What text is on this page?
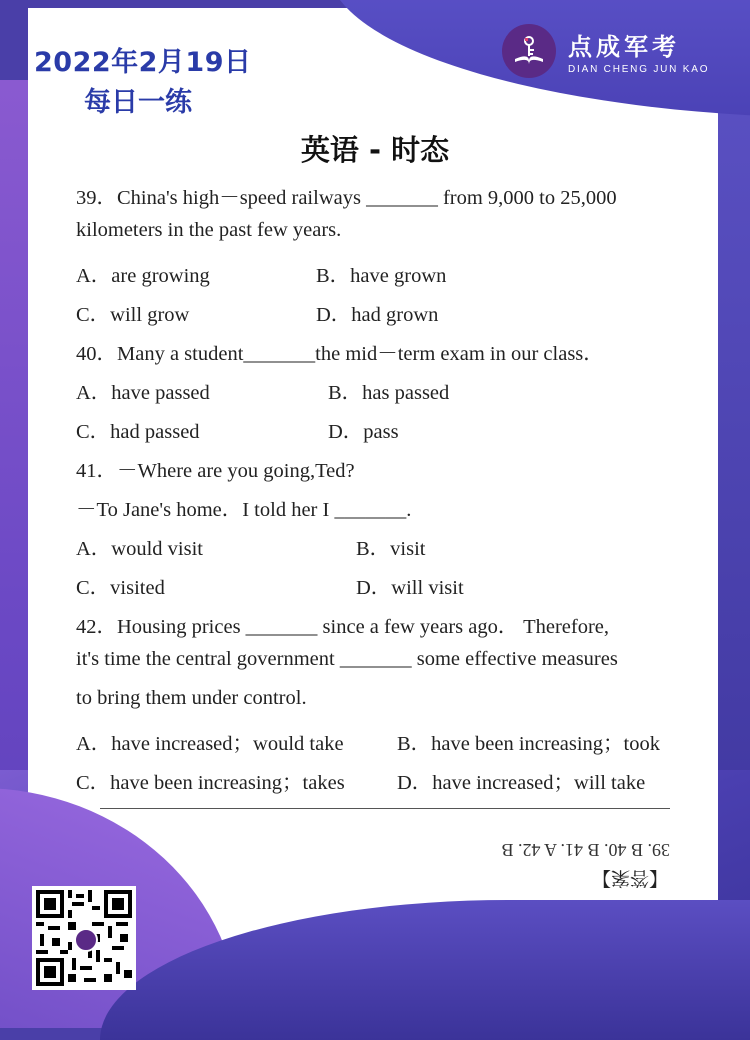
2022年2月19日
每日一练
点成军考
DIAN CHENG JUN KAO
英语 - 时态
39．China's high－speed railways _______ from 9,000 to 25,000
kilometers in the past few years.
A．are growing	B．have grown
C．will grow	D．had grown
40．Many a student_______the mid－term exam in our class．
A．have passed	B．has passed
C．had passed	D．pass
41．－Where are you going,Ted?
－To Jane's home．I told her I _______.
A．would visit	B．visit
C．visited	D．will visit
42．Housing prices _______ since a few years ago． Therefore,
it's time the central government _______ some effective measures
to bring them under control.
A．have increased；would take	B．have been increasing；took
C．have been increasing；takes	D．have increased；will take
39. B 40. B 41. A 42. B
【答案】
